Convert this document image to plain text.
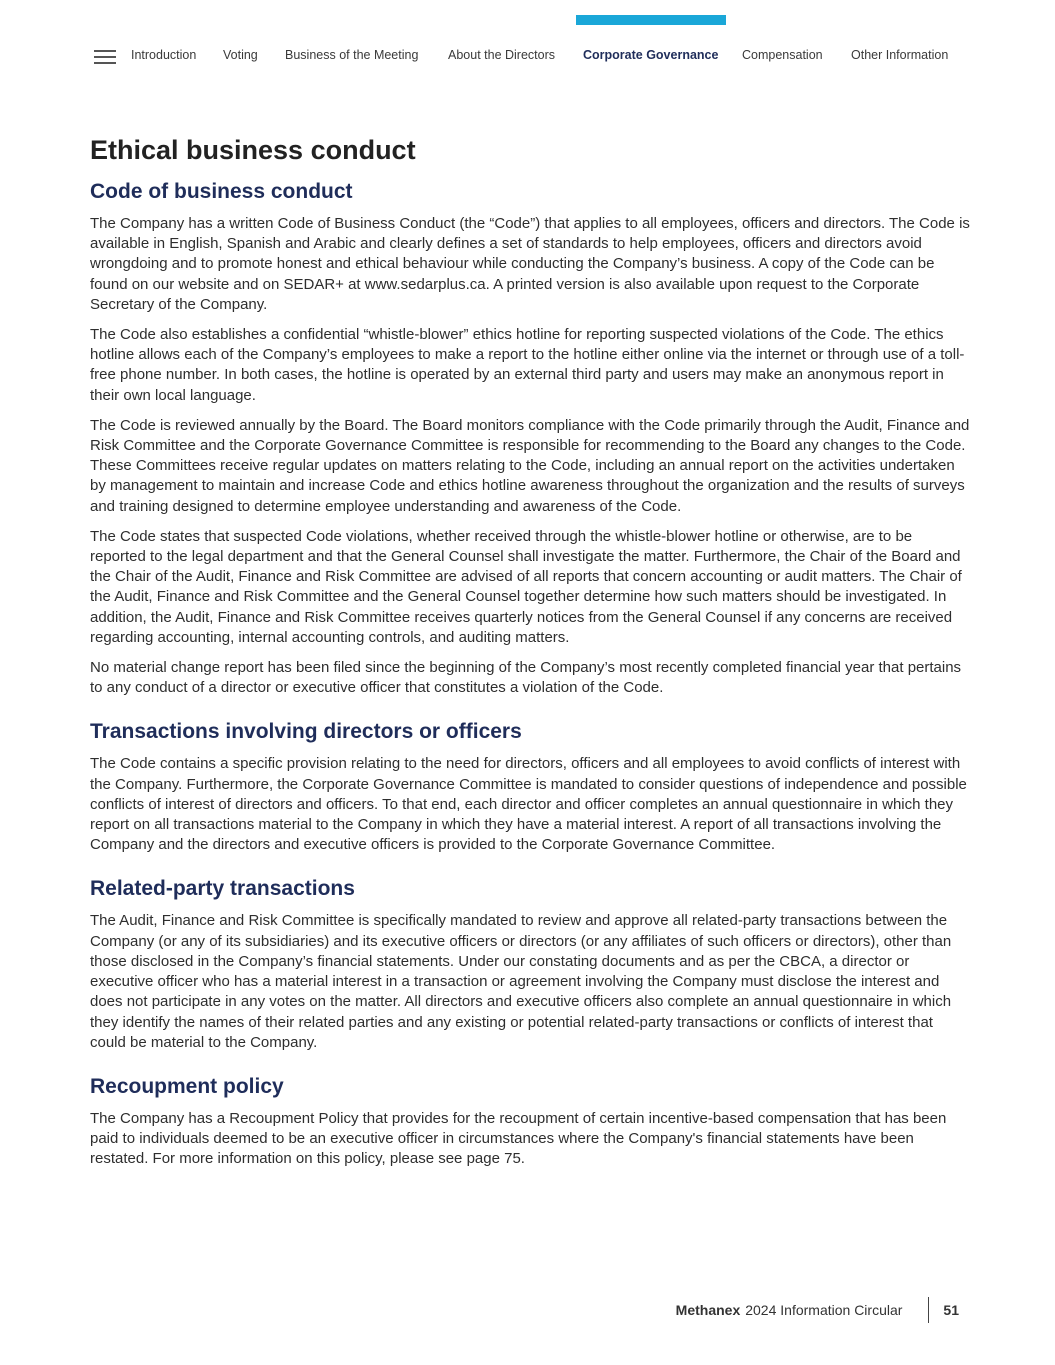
Introduction Voting Business of the Meeting About the Directors Corporate Governance Compensation Other Information
Ethical business conduct
Code of business conduct

The Company has a written Code of Business Conduct (the “Code”) that applies to all employees, officers and directors. The Code is available in English, Spanish and Arabic and clearly defines a set of standards to help employees, officers and directors avoid wrongdoing and to promote honest and ethical behaviour while conducting the Company’s business. A copy of the Code can be found on our website and on SEDAR+ at www.sedarplus.ca. A printed version is also available upon request to the Corporate Secretary of the Company.

The Code also establishes a confidential “whistle-blower” ethics hotline for reporting suspected violations of the Code. The ethics hotline allows each of the Company’s employees to make a report to the hotline either online via the internet or through use of a toll-free phone number. In both cases, the hotline is operated by an external third party and users may make an anonymous report in their own local language.

The Code is reviewed annually by the Board. The Board monitors compliance with the Code primarily through the Audit, Finance and Risk Committee and the Corporate Governance Committee is responsible for recommending to the Board any changes to the Code. These Committees receive regular updates on matters relating to the Code, including an annual report on the activities undertaken by management to maintain and increase Code and ethics hotline awareness throughout the organization and the results of surveys and training designed to determine employee understanding and awareness of the Code.

The Code states that suspected Code violations, whether received through the whistle-blower hotline or otherwise, are to be reported to the legal department and that the General Counsel shall investigate the matter. Furthermore, the Chair of the Board and the Chair of the Audit, Finance and Risk Committee are advised of all reports that concern accounting or audit matters. The Chair of the Audit, Finance and Risk Committee and the General Counsel together determine how such matters should be investigated. In addition, the Audit, Finance and Risk Committee receives quarterly notices from the General Counsel if any concerns are received regarding accounting, internal accounting controls, and auditing matters.

No material change report has been filed since the beginning of the Company’s most recently completed financial year that pertains to any conduct of a director or executive officer that constitutes a violation of the Code.

Transactions involving directors or officers

The Code contains a specific provision relating to the need for directors, officers and all employees to avoid conflicts of interest with the Company. Furthermore, the Corporate Governance Committee is mandated to consider questions of independence and possible conflicts of interest of directors and officers. To that end, each director and officer completes an annual questionnaire in which they report on all transactions material to the Company in which they have a material interest. A report of all transactions involving the Company and the directors and executive officers is provided to the Corporate Governance Committee.

Related-party transactions

The Audit, Finance and Risk Committee is specifically mandated to review and approve all related-party transactions between the Company (or any of its subsidiaries) and its executive officers or directors (or any affiliates of such officers or directors), other than those disclosed in the Company’s financial statements. Under our constating documents and as per the CBCA, a director or executive officer who has a material interest in a transaction or agreement involving the Company must disclose the interest and does not participate in any votes on the matter. All directors and executive officers also complete an annual questionnaire in which they identify the names of their related parties and any existing or potential related-party transactions or conflicts of interest that could be material to the Company.

Recoupment policy

The Company has a Recoupment Policy that provides for the recoupment of certain incentive-based compensation that has been paid to individuals deemed to be an executive officer in circumstances where the Company's financial statements have been restated. For more information on this policy, please see page 75.

Methanex 2024 Information Circular	51
